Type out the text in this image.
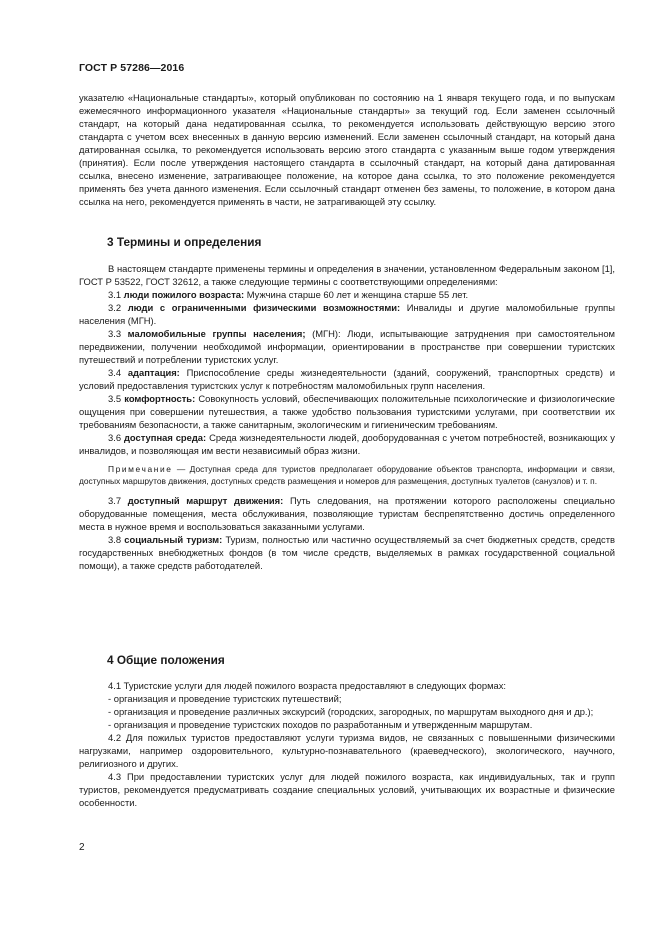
ГОСТ Р 57286—2016

указателю «Национальные стандарты», который опубликован по состоянию на 1 января текущего года, и по выпускам ежемесячного информационного указателя «Национальные стандарты» за текущий год. Если заменен ссылочный стандарт, на который дана недатированная ссылка, то рекомендуется использовать действующую версию этого стандарта с учетом всех внесенных в данную версию изменений. Если заменен ссылочный стандарт, на который дана датированная ссылка, то рекомендуется использовать версию этого стандарта с указанным выше годом утверждения (принятия). Если после утверждения настоящего стандарта в ссылочный стандарт, на который дана датированная ссылка, внесено изменение, затрагивающее положение, на которое дана ссылка, то это положение рекомендуется применять без учета данного изменения. Если ссылочный стандарт отменен без замены, то положение, в котором дана ссылка на него, рекомендуется применять в части, не затрагивающей эту ссылку.

3 Термины и определения

В настоящем стандарте применены термины и определения в значении, установленном Федеральным законом [1], ГОСТ Р 53522, ГОСТ 32612, а также следующие термины с соответствующими определениями:

3.1 люди пожилого возраста: Мужчина старше 60 лет и женщина старше 55 лет.

3.2 люди с ограниченными физическими возможностями: Инвалиды и другие маломобильные группы населения (МГН).

3.3 маломобильные группы населения; (МГН): Люди, испытывающие затруднения при самостоятельном передвижении, получении необходимой информации, ориентировании в пространстве при совершении туристских путешествий и потреблении туристских услуг.

3.4 адаптация: Приспособление среды жизнедеятельности (зданий, сооружений, транспортных средств) и условий предоставления туристских услуг к потребностям маломобильных групп населения.

3.5 комфортность: Совокупность условий, обеспечивающих положительные психологические и физиологические ощущения при совершении путешествия, а также удобство пользования туристскими услугами, при соответствии их требованиям безопасности, а также санитарным, экологическим и гигиеническим требованиям.

3.6 доступная среда: Среда жизнедеятельности людей, дооборудованная с учетом потребностей, возникающих у инвалидов, и позволяющая им вести независимый образ жизни.

Примечание — Доступная среда для туристов предполагает оборудование объектов транспорта, информации и связи, доступных маршрутов движения, доступных средств размещения и номеров для размещения, доступных туалетов (санузлов) и т. п.

3.7 доступный маршрут движения: Путь следования, на протяжении которого расположены специально оборудованные помещения, места обслуживания, позволяющие туристам беспрепятственно достичь определенного места в нужное время и воспользоваться заказанными услугами.

3.8 социальный туризм: Туризм, полностью или частично осуществляемый за счет бюджетных средств, средств государственных внебюджетных фондов (в том числе средств, выделяемых в рамках государственной социальной помощи), а также средств работодателей.

4 Общие положения

4.1 Туристские услуги для людей пожилого возраста предоставляют в следующих формах:

- организация и проведение туристских путешествий;

- организация и проведение различных экскурсий (городских, загородных, по маршрутам выходного дня и др.);

- организация и проведение туристских походов по разработанным и утвержденным маршрутам.

4.2 Для пожилых туристов предоставляют услуги туризма видов, не связанных с повышенными физическими нагрузками, например оздоровительного, культурно-познавательного (краеведческого), экологического, научного, религиозного и других.

4.3 При предоставлении туристских услуг для людей пожилого возраста, как индивидуальных, так и групп туристов, рекомендуется предусматривать создание специальных условий, учитывающих их возрастные и физические особенности.

2
